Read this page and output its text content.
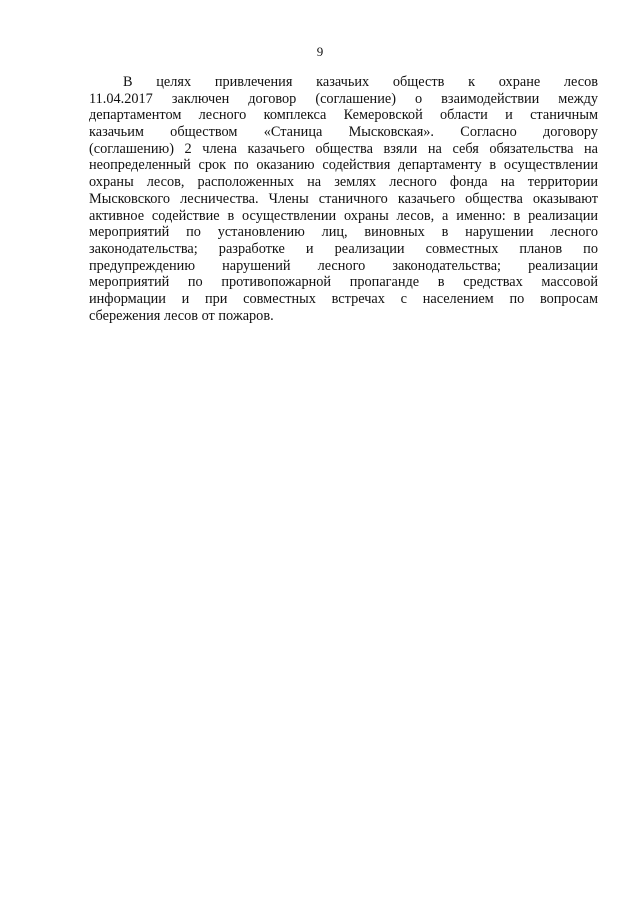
9
В целях привлечения казачьих обществ к охране лесов
11.04.2017 заключен договор (соглашение) о взаимодействии между
департаментом лесного комплекса Кемеровской области и станичным
казачьим обществом «Станица Мысковская». Согласно договору
(соглашению) 2 члена казачьего общества взяли на себя обязательства на
неопределенный срок по оказанию содействия департаменту в осуществлении
охраны лесов, расположенных на землях лесного фонда на территории
Мысковского лесничества. Члены станичного казачьего общества оказывают
активное содействие в осуществлении охраны лесов, а именно: в реализации
мероприятий по установлению лиц, виновных в нарушении лесного
законодательства; разработке и реализации совместных планов по
предупреждению нарушений лесного законодательства; реализации
мероприятий по противопожарной пропаганде в средствах массовой
информации и при совместных встречах с населением по вопросам
сбережения лесов от пожаров.
